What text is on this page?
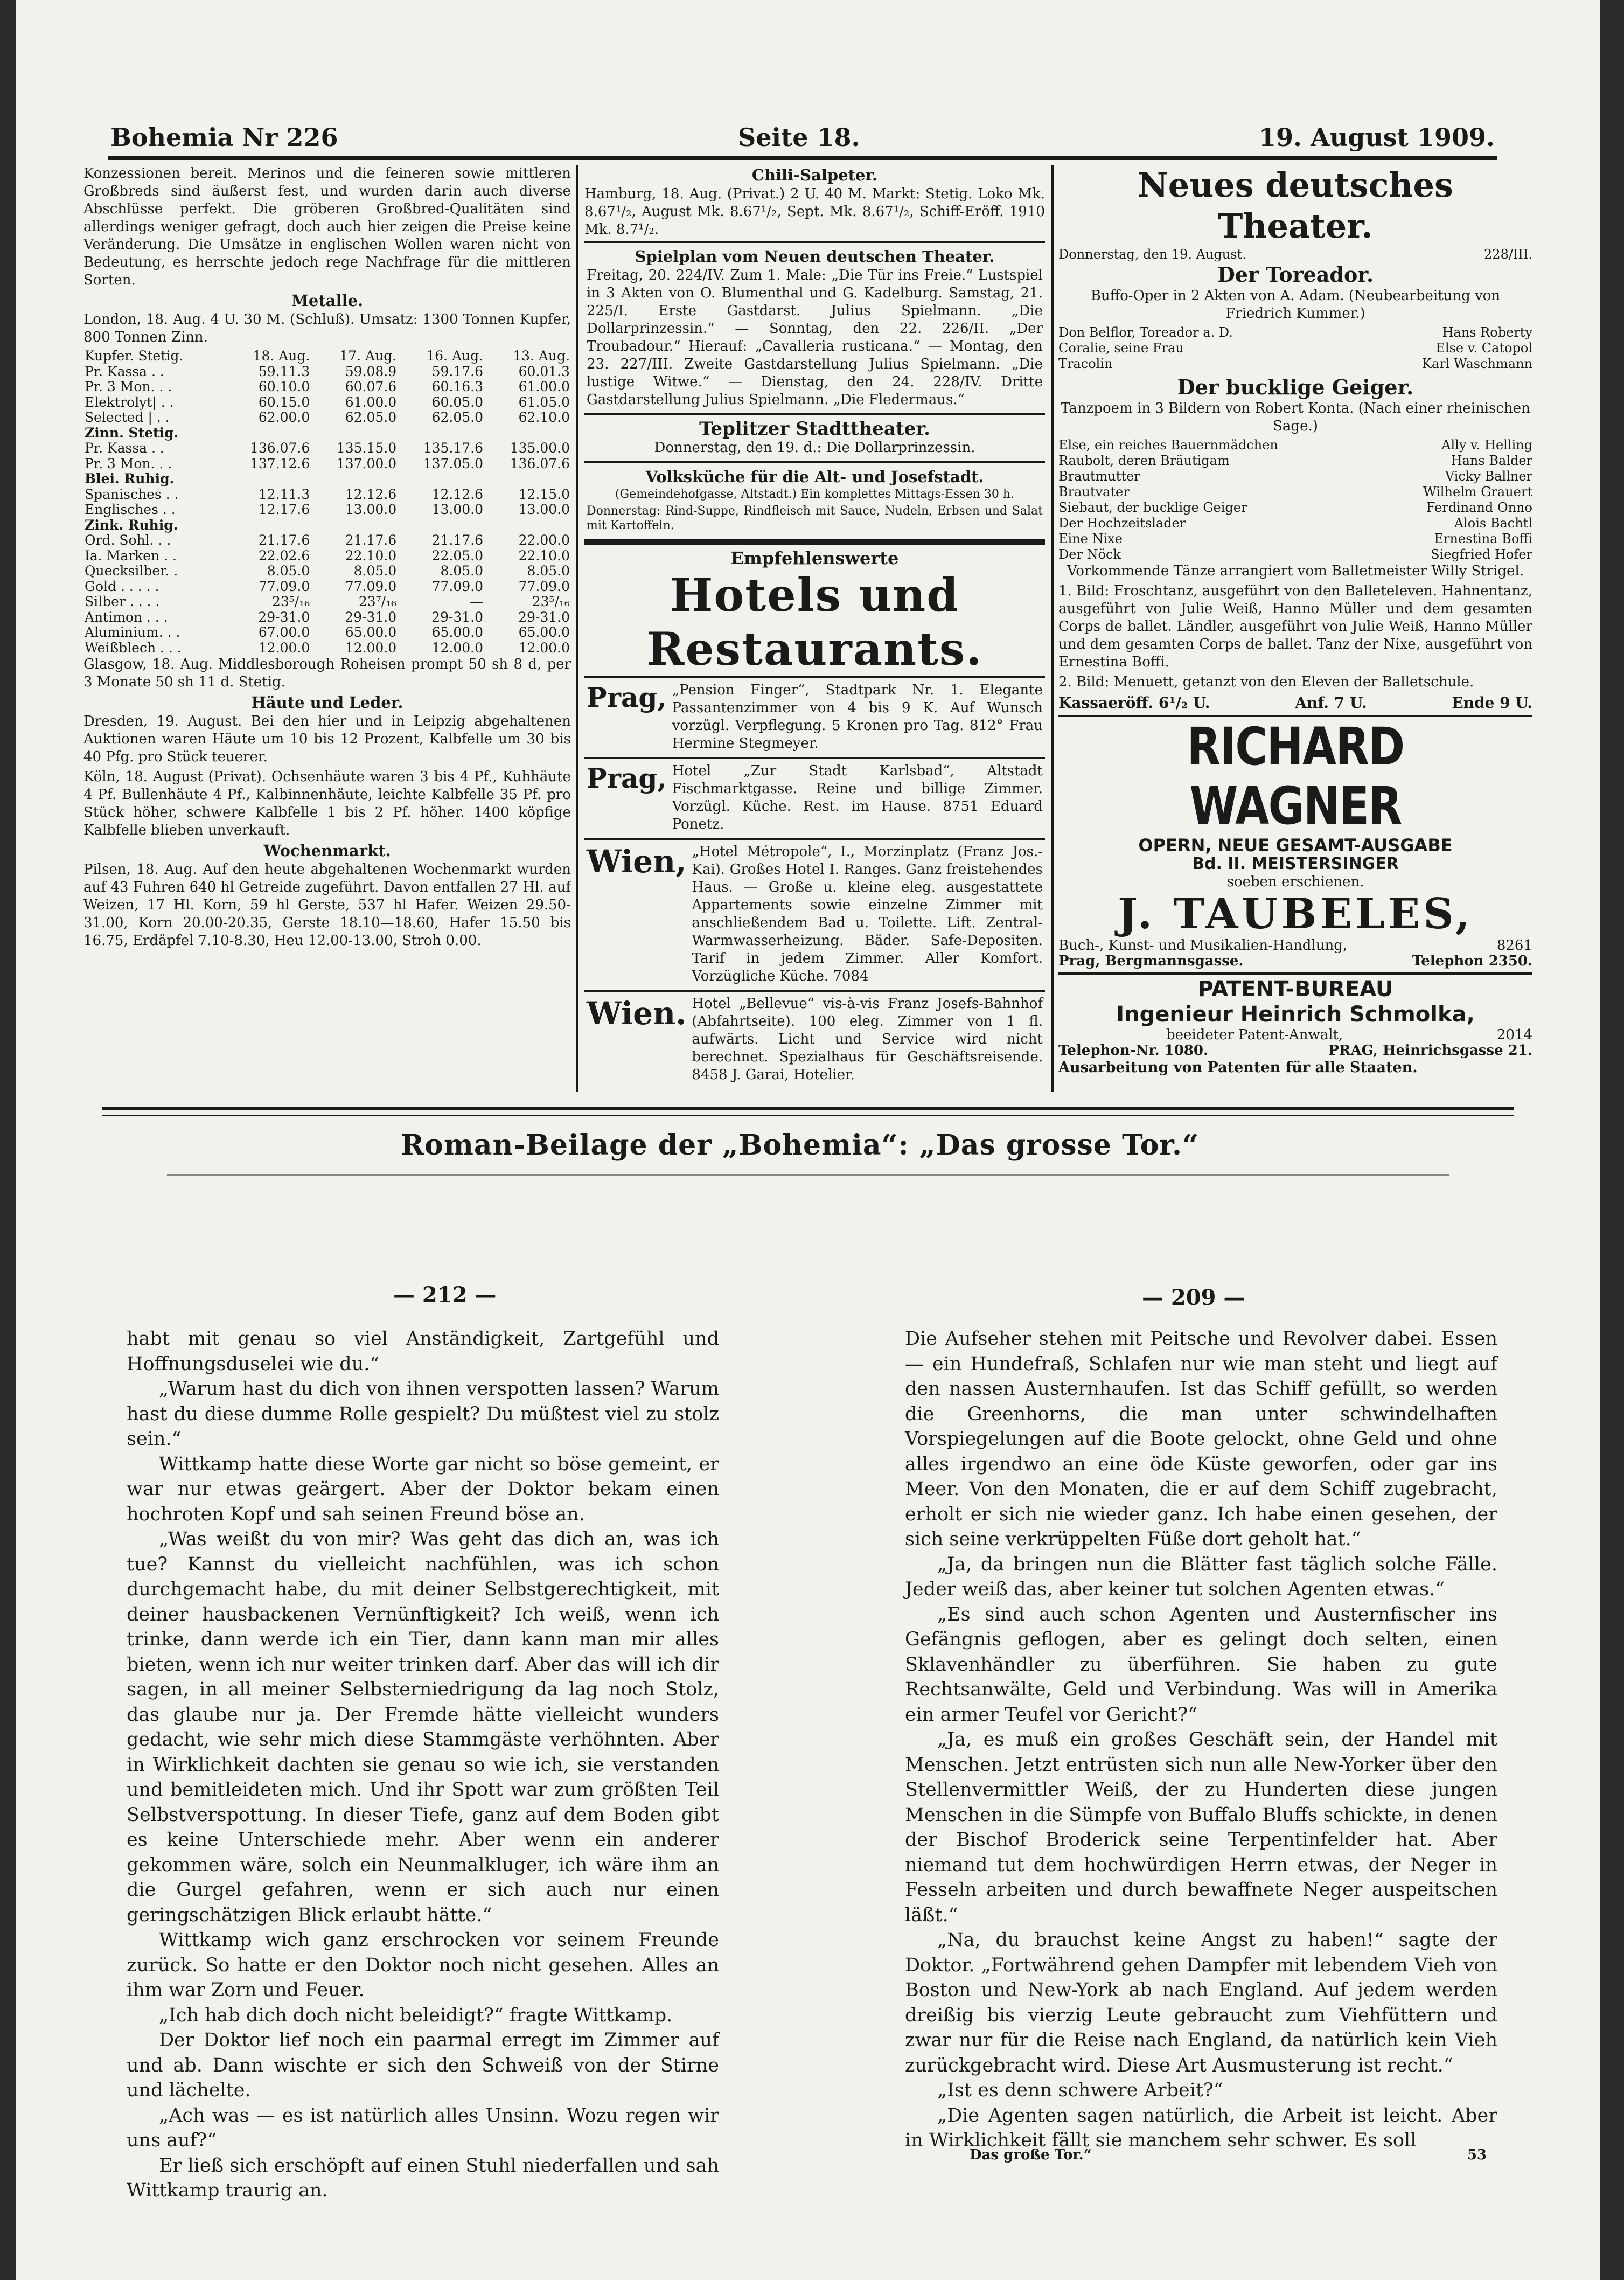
Bohemia Nr 226	Seite 18.	19. August 1909.

Konzessionen bereit. Merinos und die feineren sowie mittleren Großbreds sind äußerst fest, und wurden darin auch diverse Abschlüsse perfekt. Die gröberen Großbred-Qualitäten sind allerdings weniger gefragt, doch auch hier zeigen die Preise keine Veränderung. Die Umsätze in englischen Wollen waren nicht von Bedeutung, es herrschte jedoch rege Nachfrage für die mittleren Sorten.

Metalle.

London, 18. Aug. 4 U. 30 M. (Schluß). Umsatz: 1300 Tonnen Kupfer, 800 Tonnen Zinn.

Kupfer. Stetig.	18. Aug.	17. Aug.	16. Aug.	13. Aug.
Pr. Kassa . .	59.11.3	59.08.9	59.17.6	60.01.3
Pr. 3 Mon. . .	60.10.0	60.07.6	60.16.3	61.00.0
Elektrolyt| . .	60.15.0	61.00.0	60.05.0	61.05.0
Selected | . .	62.00.0	62.05.0	62.05.0	62.10.0
Zinn. Stetig.				
Pr. Kassa . .	136.07.6	135.15.0	135.17.6	135.00.0
Pr. 3 Mon. . .	137.12.6	137.00.0	137.05.0	136.07.6
Blei. Ruhig.				
Spanisches . .	12.11.3	12.12.6	12.12.6	12.15.0
Englisches . .	12.17.6	13.00.0	13.00.0	13.00.0
Zink. Ruhig.				
Ord. Sohl. . .	21.17.6	21.17.6	21.17.6	22.00.0
Ia. Marken . .	22.02.6	22.10.0	22.05.0	22.10.0
Quecksilber. .	8.05.0	8.05.0	8.05.0	8.05.0
Gold . . . . .	77.09.0	77.09.0	77.09.0	77.09.0
Silber . . . .	23⁵/₁₆	23⁷/₁₆	—	23⁵/₁₆
Antimon . . .	29-31.0	29-31.0	29-31.0	29-31.0
Aluminium. . .	67.00.0	65.00.0	65.00.0	65.00.0
Weißblech . . .	12.00.0	12.00.0	12.00.0	12.00.0

Glasgow, 18. Aug. Middlesborough Roheisen prompt 50 sh 8 d, per 3 Monate 50 sh 11 d. Stetig.

Häute und Leder.

Dresden, 19. August. Bei den hier und in Leipzig abgehaltenen Auktionen waren Häute um 10 bis 12 Prozent, Kalbfelle um 30 bis 40 Pfg. pro Stück teuerer.

Köln, 18. August (Privat). Ochsenhäute waren 3 bis 4 Pf., Kuhhäute 4 Pf. Bullenhäute 4 Pf., Kalbinnenhäute, leichte Kalbfelle 35 Pf. pro Stück höher, schwere Kalbfelle 1 bis 2 Pf. höher. 1400 köpfige Kalbfelle blieben unverkauft.

Wochenmarkt.

Pilsen, 18. Aug. Auf den heute abgehaltenen Wochenmarkt wurden auf 43 Fuhren 640 hl Getreide zugeführt. Davon entfallen 27 Hl. auf Weizen, 17 Hl. Korn, 59 hl Gerste, 537 hl Hafer. Weizen 29.50-31.00, Korn 20.00-20.35, Gerste 18.10—18.60, Hafer 15.50 bis 16.75, Erdäpfel 7.10-8.30, Heu 12.00-13.00, Stroh 0.00.

Chili-Salpeter.

Hamburg, 18. Aug. (Privat.) 2 U. 40 M. Markt: Stetig. Loko Mk. 8.67¹/₂, August Mk. 8.67¹/₂, Sept. Mk. 8.67¹/₂, Schiff-Eröff. 1910 Mk. 8.7¹/₂.

Spielplan vom Neuen deutschen Theater.

Freitag, 20. 224/IV. Zum 1. Male: „Die Tür ins Freie.“ Lustspiel in 3 Akten von O. Blumenthal und G. Kadelburg. Samstag, 21. 225/I. Erste Gastdarst. Julius Spielmann. „Die Dollarprinzessin.“ — Sonntag, den 22. 226/II. „Der Troubadour.“ Hierauf: „Cavalleria rusticana.“ — Montag, den 23. 227/III. Zweite Gastdarstellung Julius Spielmann. „Die lustige Witwe.“ — Dienstag, den 24. 228/IV. Dritte Gastdarstellung Julius Spielmann. „Die Fledermaus.“

Teplitzer Stadttheater.

Donnerstag, den 19. d.: Die Dollarprinzessin.

Volksküche für die Alt- und Josefstadt.

(Gemeindehofgasse, Altstadt.) Ein komplettes Mittags-Essen 30 h.

Donnerstag: Rind-Suppe, Rindfleisch mit Sauce, Nudeln, Erbsen und Salat mit Kartoffeln.

Empfehlenswerte
Hotels und Restaurants.
Prag, „Pension Finger“, Stadtpark Nr. 1. Elegante Passantenzimmer von 4 bis 9 K. Auf Wunsch vorzügl. Verpflegung. 5 Kronen pro Tag. 812° Frau Hermine Stegmeyer.

Prag, Hotel „Zur Stadt Karlsbad“, Altstadt Fischmarktgasse. Reine und billige Zimmer. Vorzügl. Küche. Rest. im Hause. 8751 Eduard Ponetz.

Wien, „Hotel Métropole“, I., Morzinplatz (Franz Jos.-Kai). Großes Hotel I. Ranges. Ganz freistehendes Haus. — Große u. kleine eleg. ausgestattete Appartements sowie einzelne Zimmer mit anschließendem Bad u. Toilette. Lift. Zentral-Warmwasserheizung. Bäder. Safe-Depositen. Tarif in jedem Zimmer. Aller Komfort. Vorzügliche Küche. 7084

Wien. Hotel „Bellevue“ vis-à-vis Franz Josefs-Bahnhof (Abfahrtseite). 100 eleg. Zimmer von 1 fl. aufwärts. Licht und Service wird nicht berechnet. Spezialhaus für Geschäftsreisende. 8458 J. Garai, Hotelier.

Neues deutsches Theater.
Donnerstag, den 19. August.	228/III.
Der Toreador.

Buffo-Oper in 2 Akten von A. Adam. (Neubearbeitung von Friedrich Kummer.)

Don Belflor, Toreador a. D.	Hans Roberty
Coralie, seine Frau	Else v. Catopol
Tracolin	Karl Waschmann
Der bucklige Geiger.

Tanzpoem in 3 Bildern von Robert Konta. (Nach einer rheinischen Sage.)

Else, ein reiches Bauernmädchen	Ally v. Helling
Raubolt, deren Bräutigam	Hans Balder
Brautmutter	Vicky Ballner
Brautvater	Wilhelm Grauert
Siebaut, der bucklige Geiger	Ferdinand Onno
Der Hochzeitslader	Alois Bachtl
Eine Nixe	Ernestina Boffi
Der Nöck	Siegfried Hofer

Vorkommende Tänze arrangiert vom Balletmeister Willy Strigel.

1. Bild: Froschtanz, ausgeführt von den Balleteleven. Hahnentanz, ausgeführt von Julie Weiß, Hanno Müller und dem gesamten Corps de ballet. Ländler, ausgeführt von Julie Weiß, Hanno Müller und dem gesamten Corps de ballet. Tanz der Nixe, ausgeführt von Ernestina Boffi.

2. Bild: Menuett, getanzt von den Eleven der Balletschule.

Kassaeröff. 6¹/₂ U.	Anf. 7 U.	Ende 9 U.
RICHARD WAGNER
OPERN, NEUE GESAMT-AUSGABE
Bd. II. MEISTERSINGER
soeben erschienen.
J. TAUBELES,
Buch-, Kunst- und Musikalien-Handlung,	8261
Prag, Bergmannsgasse.	Telephon 2350.
PATENT-BUREAU
Ingenieur Heinrich Schmolka,
beeideter Patent-Anwalt,	2014
Telephon-Nr. 1080.	PRAG, Heinrichsgasse 21.
Ausarbeitung von Patenten für alle Staaten.
Roman-Beilage der „Bohemia“: „Das grosse Tor.“
— 212 —	— 209 —

habt mit genau so viel Anständigkeit, Zartgefühl und Hoffnungsduselei wie du.“

„Warum hast du dich von ihnen verspotten lassen? Warum hast du diese dumme Rolle gespielt? Du müßtest viel zu stolz sein.“

Wittkamp hatte diese Worte gar nicht so böse gemeint, er war nur etwas geärgert. Aber der Doktor bekam einen hochroten Kopf und sah seinen Freund böse an.

„Was weißt du von mir? Was geht das dich an, was ich tue? Kannst du vielleicht nachfühlen, was ich schon durchgemacht habe, du mit deiner Selbstgerechtigkeit, mit deiner hausbackenen Vernünftigkeit? Ich weiß, wenn ich trinke, dann werde ich ein Tier, dann kann man mir alles bieten, wenn ich nur weiter trinken darf. Aber das will ich dir sagen, in all meiner Selbsterniedrigung da lag noch Stolz, das glaube nur ja. Der Fremde hätte vielleicht wunders gedacht, wie sehr mich diese Stammgäste verhöhnten. Aber in Wirklichkeit dachten sie genau so wie ich, sie verstanden und bemitleideten mich. Und ihr Spott war zum größten Teil Selbstverspottung. In dieser Tiefe, ganz auf dem Boden gibt es keine Unterschiede mehr. Aber wenn ein anderer gekommen wäre, solch ein Neunmalkluger, ich wäre ihm an die Gurgel gefahren, wenn er sich auch nur einen geringschätzigen Blick erlaubt hätte.“

Wittkamp wich ganz erschrocken vor seinem Freunde zurück. So hatte er den Doktor noch nicht gesehen. Alles an ihm war Zorn und Feuer.

„Ich hab dich doch nicht beleidigt?“ fragte Wittkamp.

Der Doktor lief noch ein paarmal erregt im Zimmer auf und ab. Dann wischte er sich den Schweiß von der Stirne und lächelte.

„Ach was — es ist natürlich alles Unsinn. Wozu regen wir uns auf?“

Er ließ sich erschöpft auf einen Stuhl niederfallen und sah Wittkamp traurig an.

Die Aufseher stehen mit Peitsche und Revolver dabei. Essen — ein Hundefraß, Schlafen nur wie man steht und liegt auf den nassen Austernhaufen. Ist das Schiff gefüllt, so werden die Greenhorns, die man unter schwindelhaften Vorspiegelungen auf die Boote gelockt, ohne Geld und ohne alles irgendwo an eine öde Küste geworfen, oder gar ins Meer. Von den Monaten, die er auf dem Schiff zugebracht, erholt er sich nie wieder ganz. Ich habe einen gesehen, der sich seine verkrüppelten Füße dort geholt hat.“

„Ja, da bringen nun die Blätter fast täglich solche Fälle. Jeder weiß das, aber keiner tut solchen Agenten etwas.“

„Es sind auch schon Agenten und Austernfischer ins Gefängnis geflogen, aber es gelingt doch selten, einen Sklavenhändler zu überführen. Sie haben zu gute Rechtsanwälte, Geld und Verbindung. Was will in Amerika ein armer Teufel vor Gericht?“

„Ja, es muß ein großes Geschäft sein, der Handel mit Menschen. Jetzt entrüsten sich nun alle New-Yorker über den Stellenvermittler Weiß, der zu Hunderten diese jungen Menschen in die Sümpfe von Buffalo Bluffs schickte, in denen der Bischof Broderick seine Terpentinfelder hat. Aber niemand tut dem hochwürdigen Herrn etwas, der Neger in Fesseln arbeiten und durch bewaffnete Neger auspeitschen läßt.“

„Na, du brauchst keine Angst zu haben!“ sagte der Doktor. „Fortwährend gehen Dampfer mit lebendem Vieh von Boston und New-York ab nach England. Auf jedem werden dreißig bis vierzig Leute gebraucht zum Viehfüttern und zwar nur für die Reise nach England, da natürlich kein Vieh zurückgebracht wird. Diese Art Ausmusterung ist recht.“

„Ist es denn schwere Arbeit?“

„Die Agenten sagen natürlich, die Arbeit ist leicht. Aber in Wirklichkeit fällt sie manchem sehr schwer. Es soll

Das große Tor.“	53
